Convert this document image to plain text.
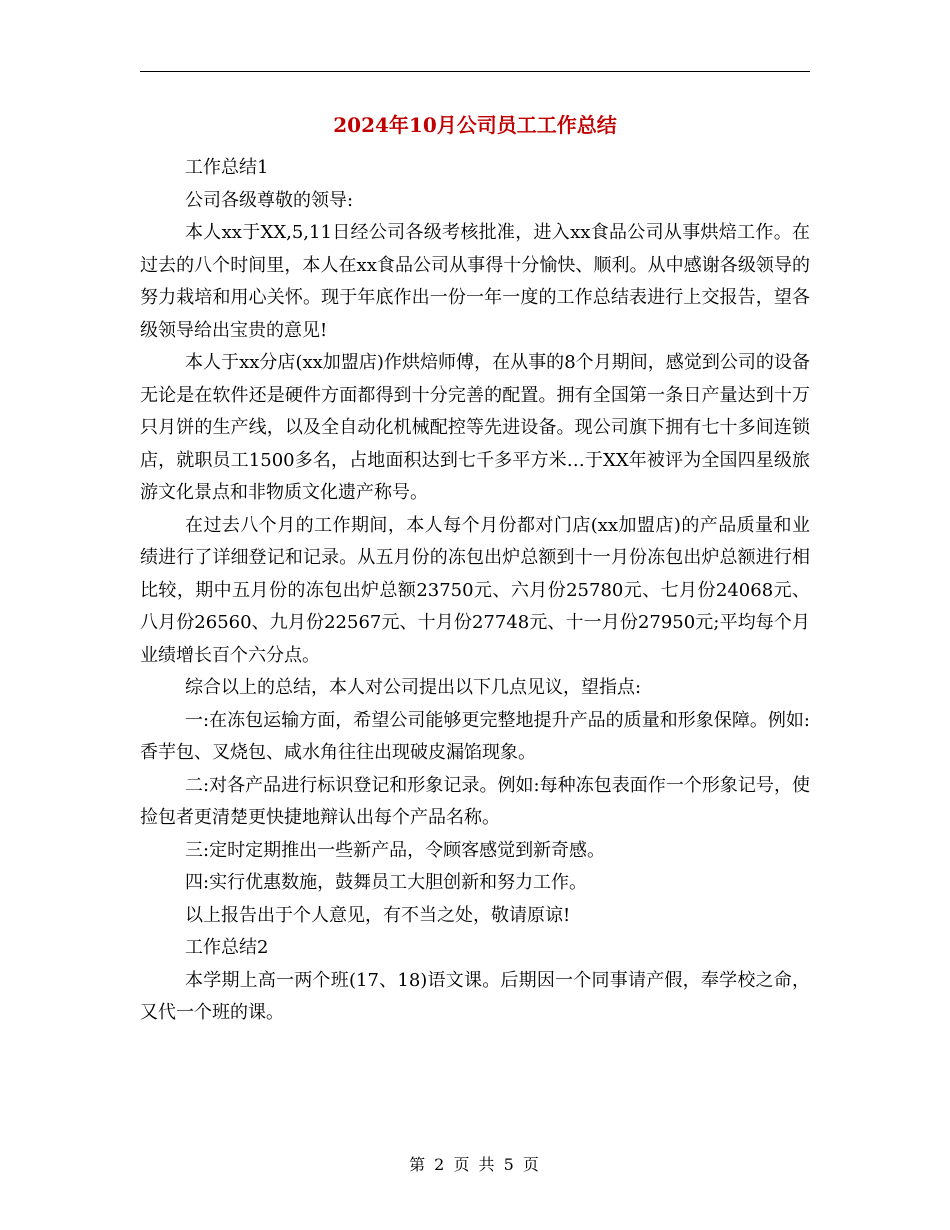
2024年10月公司员工工作总结

工作总结1

公司各级尊敬的领导:

本人xx于XX,5,11日经公司各级考核批准，进入xx食品公司从事烘焙工作。在过去的八个时间里，本人在xx食品公司从事得十分愉快、顺利。从中感谢各级领导的努力栽培和用心关怀。现于年底作出一份一年一度的工作总结表进行上交报告，望各级领导给出宝贵的意见!

本人于xx分店(xx加盟店)作烘焙师傅，在从事的8个月期间，感觉到公司的设备无论是在软件还是硬件方面都得到十分完善的配置。拥有全国第一条日产量达到十万只月饼的生产线，以及全自动化机械配控等先进设备。现公司旗下拥有七十多间连锁店，就职员工1500多名，占地面积达到七千多平方米…于XX年被评为全国四星级旅游文化景点和非物质文化遗产称号。

在过去八个月的工作期间，本人每个月份都对门店(xx加盟店)的产品质量和业绩进行了详细登记和记录。从五月份的冻包出炉总额到十一月份冻包出炉总额进行相比较，期中五月份的冻包出炉总额23750元、六月份25780元、七月份24068元、八月份26560、九月份22567元、十月份27748元、十一月份27950元;平均每个月业绩增长百个六分点。

综合以上的总结，本人对公司提出以下几点见议，望指点:

一:在冻包运输方面，希望公司能够更完整地提升产品的质量和形象保障。例如:香芋包、叉烧包、咸水角往往出现破皮漏馅现象。

二:对各产品进行标识登记和形象记录。例如:每种冻包表面作一个形象记号，使捡包者更清楚更快捷地辩认出每个产品名称。

三:定时定期推出一些新产品，令顾客感觉到新奇感。

四:实行优惠数施，鼓舞员工大胆创新和努力工作。

以上报告出于个人意见，有不当之处，敬请原谅!

工作总结2

本学期上高一两个班(17、18)语文课。后期因一个同事请产假，奉学校之命，又代一个班的课。

第 2 页 共 5 页
